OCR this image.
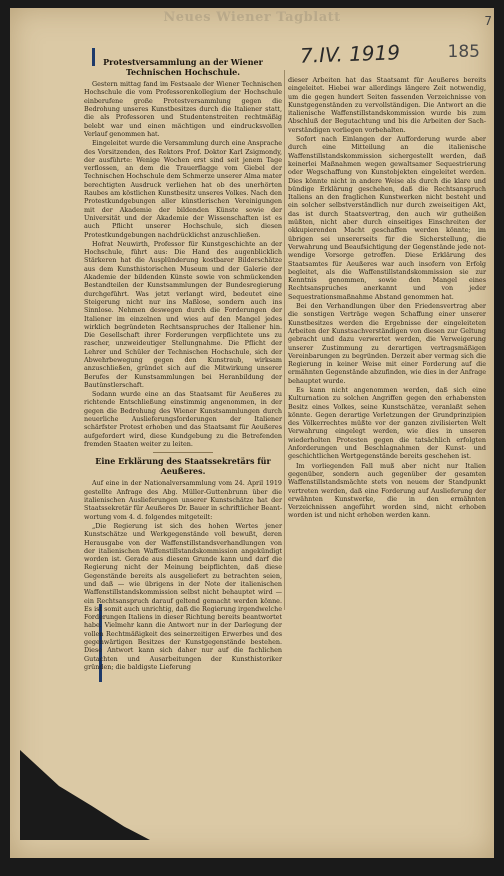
Neues Wiener Tagblatt
7.IV. 1919	185
7
Protestversammlung an der Wiener Technischen Hochschule.

Gestern mittag fand im Festsaale der Wiener Technischen Hochschule die vom Professorenkollegium der Hochschule einberufene große Protestversammlung gegen die Bedrohung unseres Kunstbesitzes durch die Italiener statt, die als Professoren und Studentenstreiten rechtmäßig belebt war und einen mächtigen und eindrucksvollen Verlauf genommen hat.

Eingeleitet wurde die Versammlung durch eine Ansprache des Vorsitzenden, des Rektors Prof. Doktor Karl Zsigmondy, der ausführte: Wenige Wochen erst sind seit jenem Tage verflossen, an dem die Trauerflagge vom Giebel der Technischen Hochschule dem Schmerze unserer Alma mater berechtigten Ausdruck verliehen hat ob des unerhörten Raubes am köstlichen Kunstbesitz unseres Volkes. Nach den Protestkundgebungen aller künstlerischen Vereinigungen mit der Akademie der bildenden Künste sowie der Universität und der Akademie der Wissenschaften ist es auch Pflicht unserer Hochschule, sich diesen Protestkundgebungen nachdrücklichst anzuschließen.

Hofrat Neuwirth, Professor für Kunstgeschichte an der Hochschule, führt aus: Die Hand des augenblicklich Stärkeren hat die Ausplünderung kostbarer Bilderschätze aus dem Kunsthistorischen Museum und der Galerie der Akademie der bildenden Künste sowie von schmückenden Bestandteilen der Kunstsammlungen der Bundesregierung durchgeführt. Was jetzt verlangt wird, bedeutet eine Steigerung nicht nur ins Maßlose, sondern auch ins Sinnlose. Nehmen deswegen durch die Forderungen der Italiener im einzelnen und wies auf den Mangel jedes wirklich begründeten Rechtsanspruches der Italiener hin. Die Gesellschaft ihrer Forderungen verpflichtete uns zu rascher, unzweideutiger Stellungnahme. Die Pflicht der Lehrer und Schüler der Technischen Hochschule, sich der Abwehrbewegung gegen den Kunstraub, wirksam anzuschließen, gründet sich auf die Mitwirkung unserer Berufes der Kunstsammlungen bei Heranbildung der Bautünstlerschaft.

Sodann wurde eine an das Staatsamt für Aeußeres zu richtende Entschließung einstimmig angenommen, in der gegen die Bedrohung des Wiener Kunstsammlungen durch neuerliche Auslieferungsforderungen der Italiener schärfster Protest erhoben und das Staatsamt für Aeußeres aufgefordert wird, diese Kundgebung zu die Betrefenden fremden Staaten weiter zu leiten.

Eine Erklärung des Staatssekretärs für Aeußeres.

Auf eine in der Nationalversammlung vom 24. April 1919 gestellte Anfrage des Abg. Müller-Guttenbrunn über die italienischen Auslieferungen unserer Kunstschätze hat der Staatssekretär für Aeußeres Dr. Bauer in schriftlicher Beantwortung vom 4. d. folgendes mitgeteilt:

„Die Regierung ist sich des hohen Wertes jener Kunstschätze und Werkgegenstände voll bewußt, deren Herausgabe von der Waffenstillstandsverhandlungen von der italienischen Waffenstillstandskommission angekündigt worden ist. Gerade aus diesem Grunde kann und darf die Regierung nicht der Meinung beipflichten, daß diese Gegenstände bereits als ausgeliefert zu betrachten seien, und daß — wie übrigens in der Note der italienischen Waffenstillstandskommission selbst nicht behauptet wird — ein Rechtsanspruch darauf geltend gemacht werden könne. Es ist somit auch unrichtig, daß die Regierung irgendwelche Forderungen Italiens in dieser Richtung bereits beantwortet habe. Vielmehr kann die Antwort nur in der Darlegung der vollen Rechtmäßigkeit des seinerzeitigen Erwerbes und des gegenwärtigen Besitzes der Kunstgegenstände bestehen. Diese Antwort kann sich daher nur auf die fachlichen Gutachten und Ausarbeitungen der Kunsthistoriker gründen; die baldigste Lieferung

dieser Arbeiten hat das Staatsamt für Aeußeres bereits eingeleitet. Hiebei war allerdings längere Zeit notwendig, um die gegen hundert Seiten fassenden Verzeichnisse von Kunstgegenständen zu vervollständigen. Die Antwort an die italienische Waffenstillstandskommission wurde bis zum Abschluß der Begutachtung und bis die Arbeiten der Sachverständigen vorliegen vorbehalten.

Sofort nach Einlangen der Aufforderung wurde aber durch eine Mitteilung an die italienische Waffenstillstandskommission sichergestellt werden, daß keinerlei Maßnahmen wegen gewaltsamer Sequestrierung oder Wegschaffung von Kunstobjekten eingeleitet werden. Dies könnte nicht in andere Weise als durch die klare und bündige Erklärung geschehen, daß die Rechtsanspruch Italiens an den fraglichen Kunstwerken nicht besteht und ein solcher selbstverständlich nur durch zweiseitigen Akt, das ist durch Staatsvertrag, den auch wir gutheißen müßten, nicht aber durch einseitiges Einschreiten der okkupierenden Macht geschaffen werden könnte; im übrigen sei unsererseits für die Sicherstellung, die Verwahrung und Beaufsichtigung der Gegenstände jede notwendige Vorsorge getroffen. Diese Erklärung des Staatsamtes für Aeußeres war auch insofern von Erfolg begleitet, als die Waffenstillstandskommission sie zur Kenntnis genommen, sowie den Mangel eines Rechtsanspruches anerkannt und von jeder Sequestrationsmaßnahme Abstand genommen hat.

Bei den Verhandlungen über den Friedensvertrag aber die sonstigen Verträge wegen Schaffung einer unserer Kunstbesitzes werden die Ergebnisse der eingeleiteten Arbeiten der Kunstsachverständigen von diesen zur Geltung gebracht und dazu verwertet werden, die Verweigerung unserer Zustimmung zu derartigen vertragsmäßigen Vereinbarungen zu begründen. Derzeit aber vermag sich die Regierung in keiner Weise mit einer Forderung auf die ermähnten Gegenstände abzufinden, wie dies in der Anfrage behauptet wurde.

Es kann nicht angenommen werden, daß sich eine Kulturnation zu solchen Angriffen gegen den erhabensten Besitz eines Volkes, seine Kunstschätze, veranlaßt sehen könnte. Gegen derartige Verletzungen der Grundprinzipien des Völkerrechtes müßte vor der ganzen zivilisierten Welt Verwahrung eingelegt werden, wie dies in unseren wiederholten Protesten gegen die tatsächlich erfolgten Anforderungen und Beschlagnahmen der Kunst- und geschichtlichen Wertgegenstände bereits geschehen ist.

Im vorliegenden Fall muß aber nicht nur Italien gegenüber, sondern auch gegenüber der gesamten Waffenstillstandsmächte stets von neuem der Standpunkt vertreten werden, daß eine Forderung auf Auslieferung der erwähnten Kunstwerke, die in den ermähnten Verzeichnissen angeführt worden sind, nicht erhoben worden ist und nicht erhoben werden kann.
